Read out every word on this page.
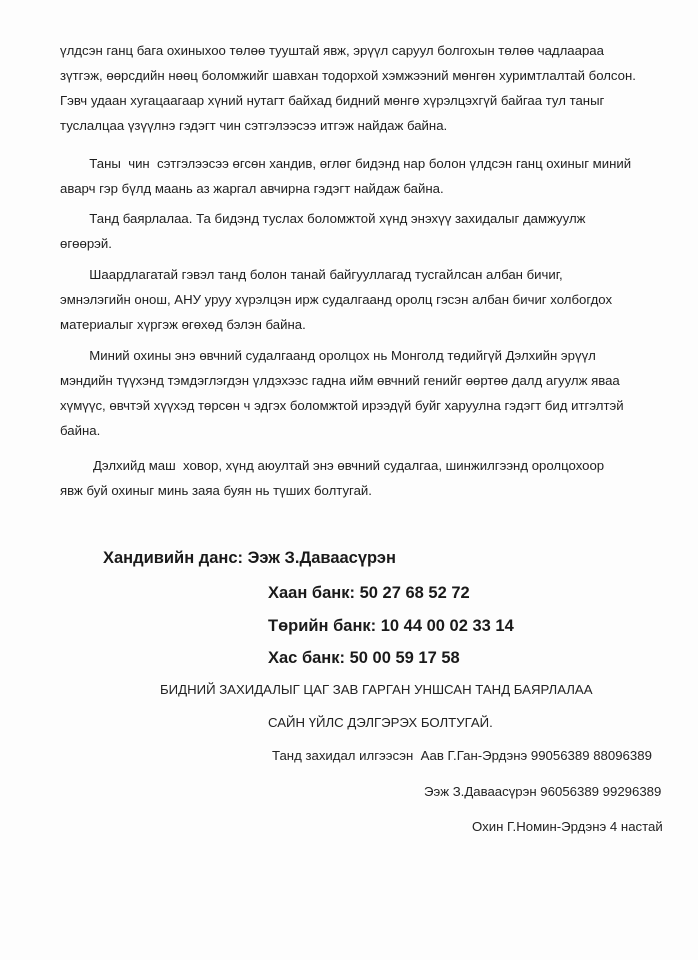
үлдсэн ганц бага охиныхоо төлөө тууштай явж, эрүүл саруул болгохын төлөө чадлаараа
зүтгэж, өөрсдийн нөөц боломжийг шавхан тодорхой хэмжээний мөнгөн хуримтлалтай болсон.
Гэвч удаан хугацаагаар хүний нутагт байхад бидний мөнгө хүрэлцэхгүй байгаа тул таныг
туслалцаа үзүүлнэ гэдэгт чин сэтгэлээсээ итгэж найдаж байна.
Таны  чин  сэтгэлээсээ өгсөн хандив, өглөг бидэнд нар болон үлдсэн ганц охиныг миний
аварч гэр бүлд маань аз жаргал авчирна гэдэгт найдаж байна.
Танд баярлалаа. Та бидэнд туслах боломжтой хүнд энэхүү захидалыг дамжуулж
өгөөрэй.
Шаардлагатай гэвэл танд болон танай байгууллагад тусгайлсан албан бичиг,
эмнэлэгийн онош, АНУ уруу хүрэлцэн ирж судалгаанд оролц гэсэн албан бичиг холбогдох
материалыг хүргэж өгөхөд бэлэн байна.
Миний охины энэ өвчний судалгаанд оролцох нь Монголд төдийгүй Дэлхийн эрүүл
мэндийн түүхэнд тэмдэглэгдэн үлдэхээс гадна ийм өвчний генийг өөртөө далд агуулж яваа
хүмүүс, өвчтэй хүүхэд төрсөн ч эдгэх боломжтой ирээдүй буйг харуулна гэдэгт бид итгэлтэй
байна.
Дэлхийд маш  ховор, хүнд аюултай энэ өвчний судалгаа, шинжилгээнд оролцохоор
явж буй охиныг минь заяа буян нь түших болтугай.
Хандивийн данс: Ээж З.Даваасүрэн
Хаан банк: 50 27 68 52 72
Төрийн банк: 10 44 00 02 33 14
Хас банк: 50 00 59 17 58
БИДНИЙ ЗАХИДАЛЫГ ЦАГ ЗАВ ГАРГАН УНШСАН ТАНД БАЯРЛАЛАА
САЙН ҮЙЛС ДЭЛГЭРЭХ БОЛТУГАЙ.
Танд захидал илгээсэн  Аав Г.Ган-Эрдэнэ 99056389 88096389
Ээж З.Даваасүрэн 96056389 99296389
Охин Г.Номин-Эрдэнэ 4 настай
